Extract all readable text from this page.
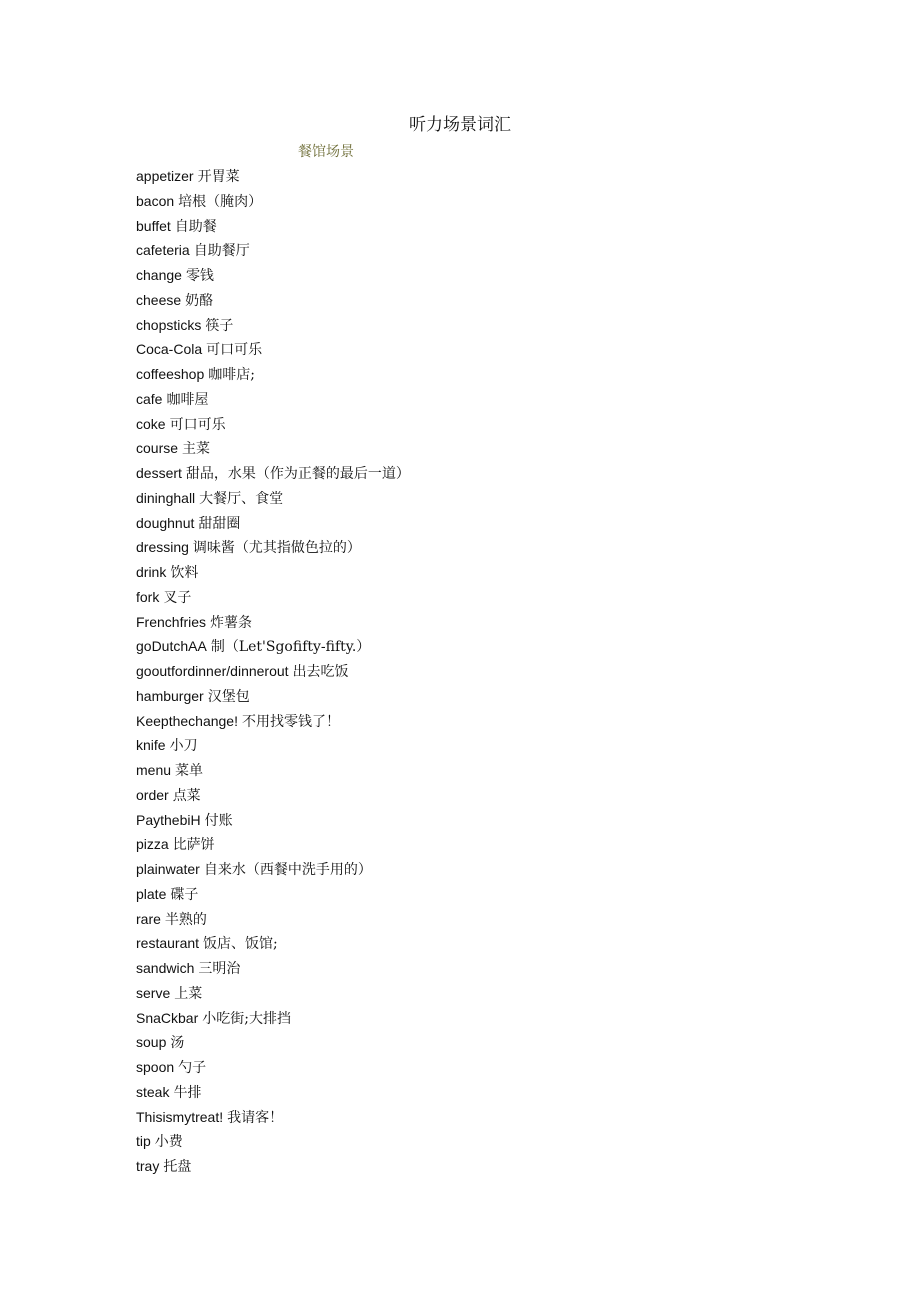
听力场景词汇
餐馆场景
appetizer 开胃菜
bacon 培根（腌肉）
buffet 自助餐
cafeteria 自助餐厅
change 零钱
cheese 奶酪
chopsticks 筷子
Coca-Cola 可口可乐
coffeeshop 咖啡店;
cafe 咖啡屋
coke 可口可乐
course 主菜
dessert 甜品，水果（作为正餐的最后一道）
dininghall 大餐厅、食堂
doughnut 甜甜圈
dressing 调味酱（尤其指做色拉的）
drink 饮料
fork 叉子
Frenchfries 炸薯条
goDutchAA 制（Let'Sgofifty-fifty.）
gooutfordinner/dinnerout 出去吃饭
hamburger 汉堡包
Keepthechange! 不用找零钱了！
knife 小刀
menu 菜单
order 点菜
PaythebiH 付账
pizza 比萨饼
plainwater 自来水（西餐中洗手用的）
plate 碟子
rare 半熟的
restaurant 饭店、饭馆;
sandwich 三明治
serve 上菜
SnaCkbar 小吃街;大排挡
soup 汤
spoon 勺子
steak 牛排
Thisismytreat! 我请客！
tip 小费
tray 托盘
